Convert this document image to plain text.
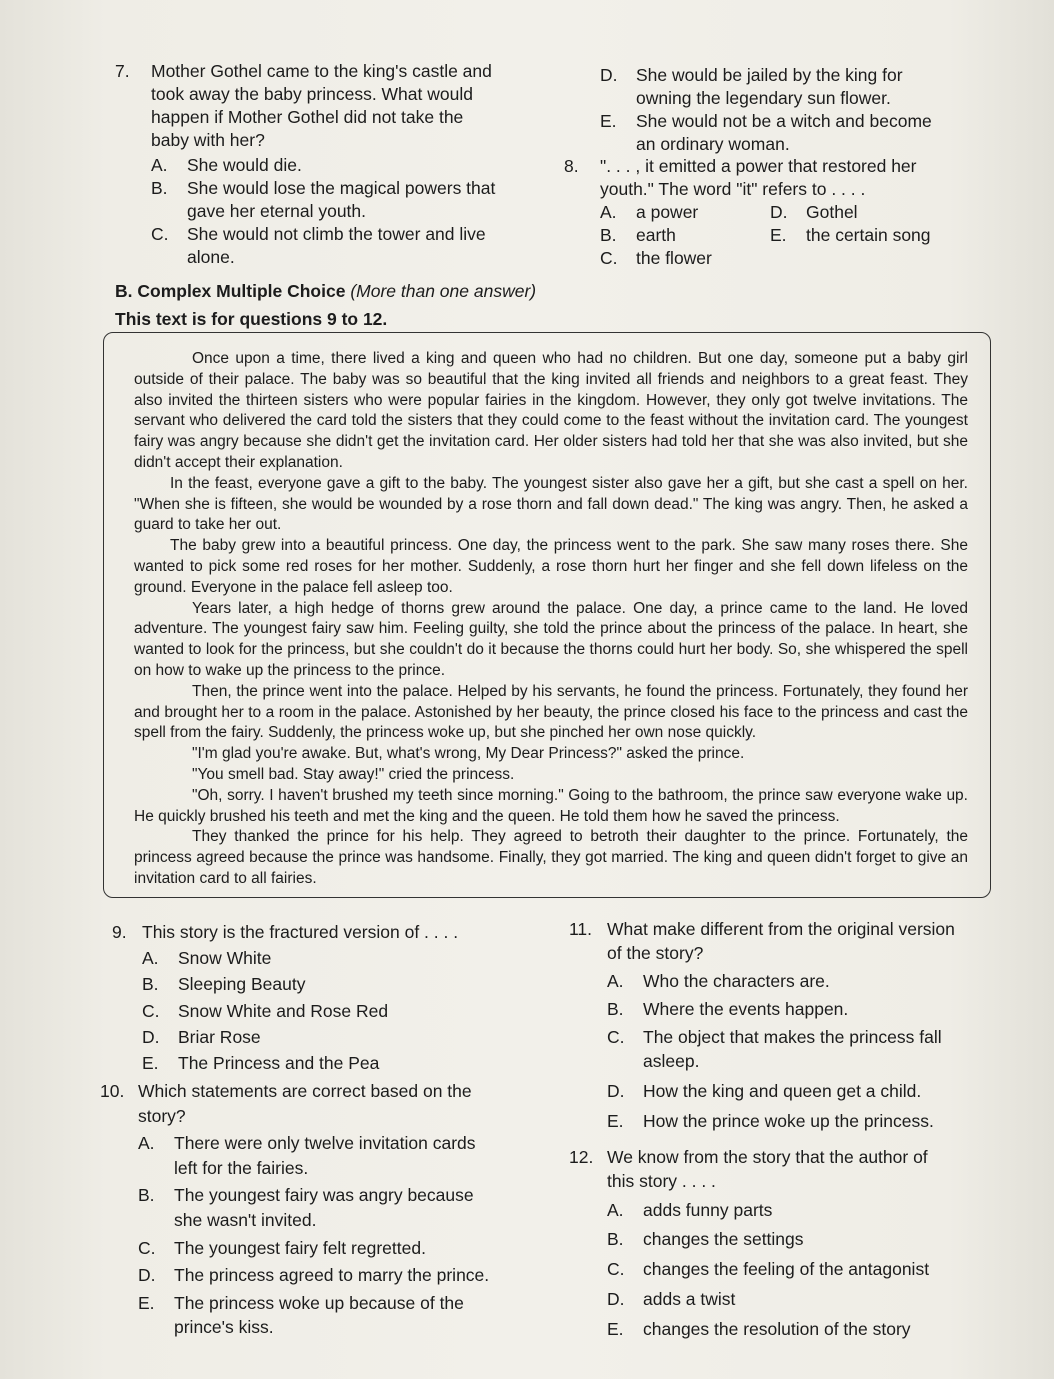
7.	Mother Gothel came to the king's castle and
took away the baby princess. What would
happen if Mother Gothel did not take the
baby with her?
A.	She would die.
B.	She would lose the magical powers that
gave her eternal youth.
C.	She would not climb the tower and live
alone.
D.	She would be jailed by the king for
owning the legendary sun flower.
E.	She would not be a witch and become
an ordinary woman.
8.	". . . , it emitted a power that restored her
youth." The word "it" refers to . . . .
A.	a power	D.	Gothel
B.	earth	E.	the certain song
C.	the flower
B. Complex Multiple Choice (More than one answer)
This text is for questions 9 to 12.

Once upon a time, there lived a king and queen who had no children. But one day, someone put a baby girl outside of their palace. The baby was so beautiful that the king invited all friends and neighbors to a great feast. They also invited the thirteen sisters who were popular fairies in the kingdom. However, they only got twelve invitations. The servant who delivered the card told the sisters that they could come to the feast without the invitation card. The youngest fairy was angry because she didn't get the invitation card. Her older sisters had told her that she was also invited, but she didn't accept their explanation.

In the feast, everyone gave a gift to the baby. The youngest sister also gave her a gift, but she cast a spell on her. "When she is fifteen, she would be wounded by a rose thorn and fall down dead." The king was angry. Then, he asked a guard to take her out.

The baby grew into a beautiful princess. One day, the princess went to the park. She saw many roses there. She wanted to pick some red roses for her mother. Suddenly, a rose thorn hurt her finger and she fell down lifeless on the ground. Everyone in the palace fell asleep too.

Years later, a high hedge of thorns grew around the palace. One day, a prince came to the land. He loved adventure. The youngest fairy saw him. Feeling guilty, she told the prince about the princess of the palace. In heart, she wanted to look for the princess, but she couldn't do it because the thorns could hurt her body. So, she whispered the spell on how to wake up the princess to the prince.

Then, the prince went into the palace. Helped by his servants, he found the princess. Fortunately, they found her and brought her to a room in the palace. Astonished by her beauty, the prince closed his face to the princess and cast the spell from the fairy. Suddenly, the princess woke up, but she pinched her own nose quickly.

"I'm glad you're awake. But, what's wrong, My Dear Princess?" asked the prince.

"You smell bad. Stay away!" cried the princess.

"Oh, sorry. I haven't brushed my teeth since morning." Going to the bathroom, the prince saw everyone wake up. He quickly brushed his teeth and met the king and the queen. He told them how he saved the princess.

They thanked the prince for his help. They agreed to betroth their daughter to the prince. Fortunately, the princess agreed because the prince was handsome. Finally, they got married. The king and queen didn't forget to give an invitation card to all fairies.

9. This story is the fractured version of . . . .
A.	Snow White
B.	Sleeping Beauty
C.	Snow White and Rose Red
D.	Briar Rose
E.	The Princess and the Pea
10. Which statements are correct based on the
story?
A.	There were only twelve invitation cards
left for the fairies.
B.	The youngest fairy was angry because
she wasn't invited.
C.	The youngest fairy felt regretted.
D.	The princess agreed to marry the prince.
E.	The princess woke up because of the
prince's kiss.
11. What make different from the original version
of the story?
A.	Who the characters are.
B.	Where the events happen.
C.	The object that makes the princess fall
asleep.
D.	How the king and queen get a child.
E.	How the prince woke up the princess.
12. We know from the story that the author of
this story . . . .
A.	adds funny parts
B.	changes the settings
C.	changes the feeling of the antagonist
D.	adds a twist
E.	changes the resolution of the story
